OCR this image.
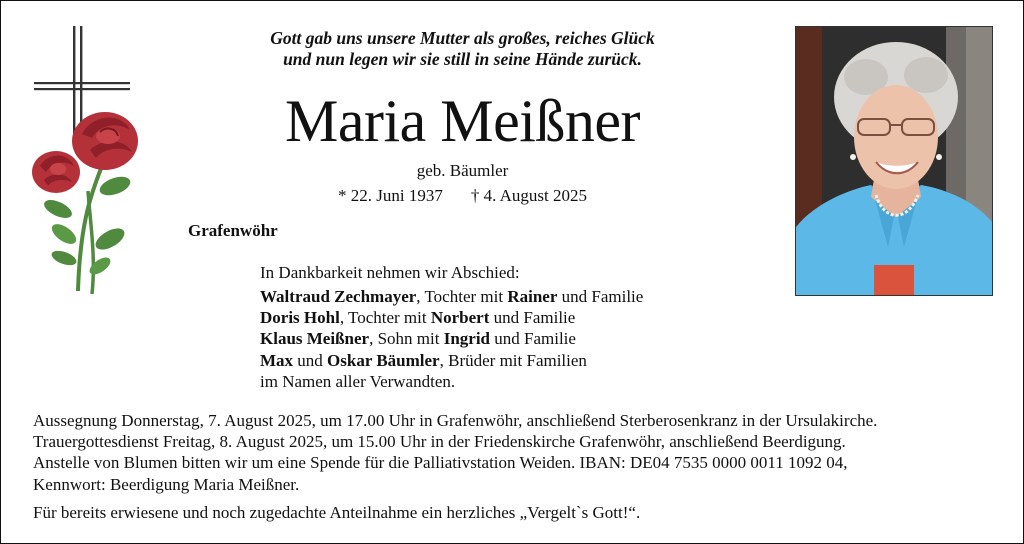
Gott gab uns unsere Mutter als großes, reiches Glück
und nun legen wir sie still in seine Hände zurück.
Maria Meißner
geb. Bäumler
* 22. Juni 1937 † 4. August 2025
Grafenwöhr
In Dankbarkeit nehmen wir Abschied:
Waltraud Zechmayer, Tochter mit Rainer und Familie
Doris Hohl, Tochter mit Norbert und Familie
Klaus Meißner, Sohn mit Ingrid und Familie
Max und Oskar Bäumler, Brüder mit Familien
im Namen aller Verwandten.
Aussegnung Donnerstag, 7. August 2025, um 17.00 Uhr in Grafenwöhr, anschließend Sterberosenkranz in der Ursulakirche.
Trauergottesdienst Freitag, 8. August 2025, um 15.00 Uhr in der Friedenskirche Grafenwöhr, anschließend Beerdigung.
Anstelle von Blumen bitten wir um eine Spende für die Palliativstation Weiden. IBAN: DE04 7535 0000 0011 1092 04,
Kennwort: Beerdigung Maria Meißner.
Für bereits erwiesene und noch zugedachte Anteilnahme ein herzliches „Vergelt`s Gott!“.
